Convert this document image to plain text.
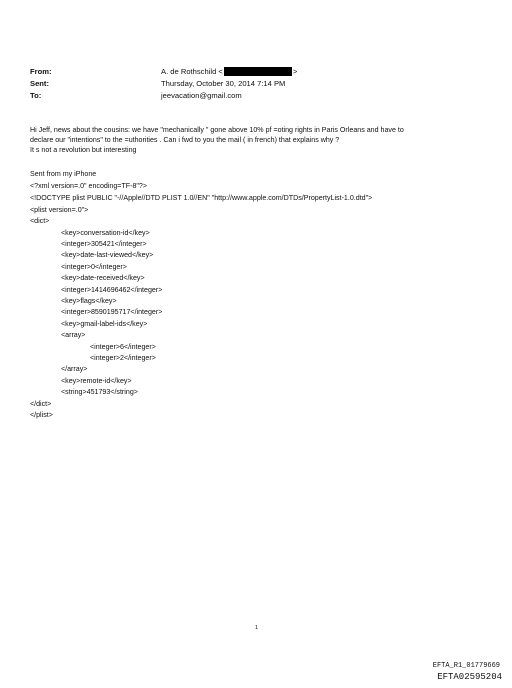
From:	A. de Rothschild <	>
Sent:	Thursday, October 30, 2014 7:14 PM
To:	jeevacation@gmail.com
Hi Jeff, news about the cousins: we have "mechanically " gone above 10% pf =oting rights in Paris Orleans and have to
declare our "intentions" to the =uthorities . Can i fwd to you the mail ( in french) that explains why ?
It s not a revolution but interesting
Sent from my iPhone
<?xml version=.0" encoding=TF-8"?>
<!DOCTYPE plist PUBLIC "-//Apple//DTD PLIST 1.0//EN" "http://www.apple.com/DTDs/PropertyList-1.0.dtd">
<plist version=.0">
<dict>
<key>conversation-id</key>
<integer>305421</integer>
<key>date-last-viewed</key>
<integer>0</integer>
<key>date-received</key>
<integer>1414696462</integer>
<key>flags</key>
<integer>8590195717</integer>
<key>gmail-label-ids</key>
<array>
<integer>6</integer>
<integer>2</integer>
</array>
<key>remote-id</key>
<string>451793</string>
</dict>
</plist>
1
EFTA_R1_01779669
EFTA02595204
